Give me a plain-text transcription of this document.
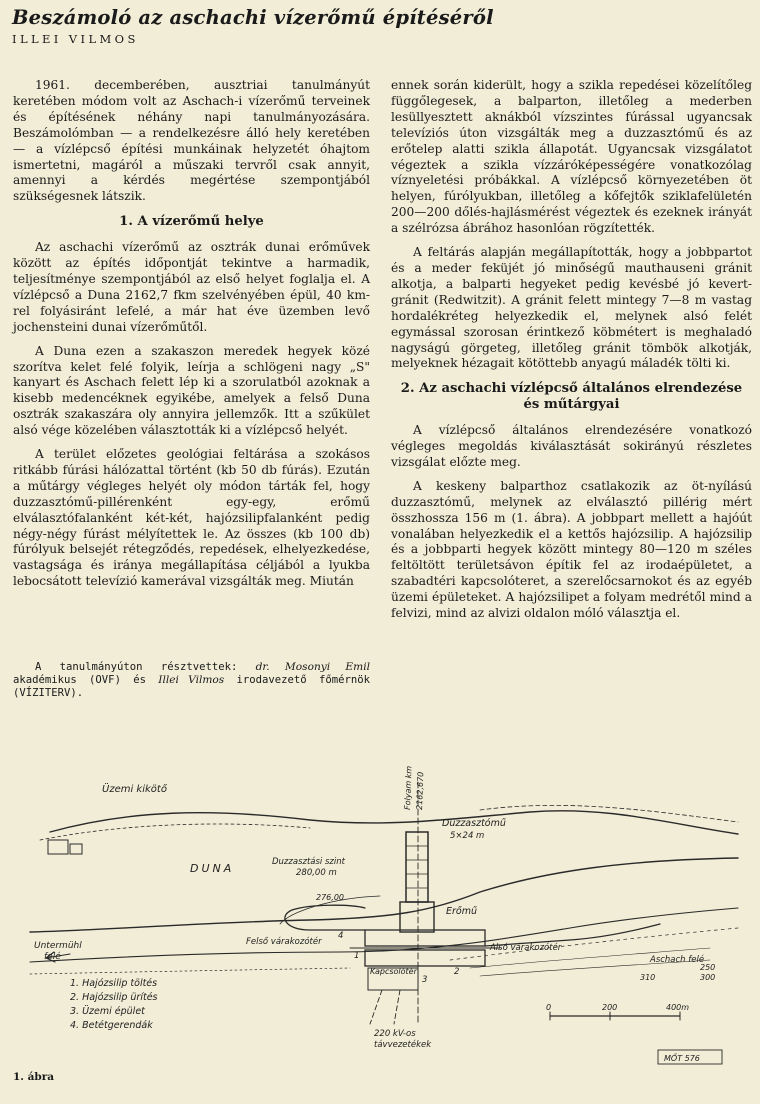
Beszámoló az aschachi vízerőmű építéséről
ILLEI VILMOS

1961. decemberében, ausztriai tanulmányút keretében módom volt az Aschach-i vízerőmű terveinek és építésének néhány napi tanulmányozására. Beszámolómban — a rendelkezésre álló hely keretében — a vízlépcső építési munkáinak helyzetét óhajtom ismertetni, magáról a műszaki tervről csak annyit, amennyi a kérdés megértése szempontjából szükségesnek látszik.

1. A vízerőmű helye

Az aschachi vízerőmű az osztrák dunai erőművek között az építés időpontját tekintve a harmadik, teljesítménye szempontjából az első helyet foglalja el. A vízlépcső a Duna 2162,7 fkm szelvényében épül, 40 km-rel folyásiránt lefelé, a már hat éve üzemben levő jochensteini dunai vízerőműtől.

A Duna ezen a szakaszon meredek hegyek közé szorítva kelet felé folyik, leírja a schlögeni nagy „S" kanyart és Aschach felett lép ki a szorulatból azoknak a kisebb medencéknek egyikébe, amelyek a felső Duna osztrák szakaszára oly annyira jellemzők. Itt a szűkület alsó vége közelében választották ki a vízlépcső helyét.

A terület előzetes geológiai feltárása a szokásos ritkább fúrási hálózattal történt (kb 50 db fúrás). Ezután a műtárgy végleges helyét oly módon tárták fel, hogy duzzasztómű-pillérenként egy-egy, erőmű elválasztófalanként két-két, hajózsilipfalanként pedig négy-négy fúrást mélyítettek le. Az összes (kb 100 db) fúrólyuk belsejét rétegződés, repedések, elhelyezkedése, vastagsága és iránya megállapítása céljából a lyukba lebocsátott televízió kamerával vizsgálták meg. Miután

A tanulmányúton résztvettek: dr. Mosonyi Emil akadémikus (OVF) és Illei Vilmos irodavezető főmérnök (VÍZITERV).

ennek során kiderült, hogy a szikla repedései közelítőleg függőlegesek, a balparton, illetőleg a mederben lesüllyesztett aknákból vízszintes fúrással ugyancsak televíziós úton vizsgálták meg a duzzasztómű és az erőtelep alatti szikla állapotát. Ugyancsak vizsgálatot végeztek a szikla vízzáróképességére vonatkozólag víznyeletési próbákkal. A vízlépcső környezetében öt helyen, fúrólyukban, illetőleg a kőfejtők sziklafelületén 200—200 dőlés-hajlásmérést végeztek és ezeknek irányát a szélrózsa ábrához hasonlóan rögzítették.

A feltárás alapján megállapították, hogy a jobbpartot és a meder feküjét jó minőségű mauthauseni gránit alkotja, a balparti hegyeket pedig kevésbé jó kevert-gránit (Redwitzit). A gránit felett mintegy 7—8 m vastag hordalékréteg helyezkedik el, melynek alsó felét egymással szorosan érintkező köbmétert is meghaladó nagyságú görgeteg, illetőleg gránit tömbök alkotják, melyeknek hézagait kötöttebb anyagú máladék tölti ki.

2. Az aschachi vízlépcső általános elrendezése és műtárgyai

A vízlépcső általános elrendezésére vonatkozó végleges megoldás kiválasztását sokirányú részletes vizsgálat előzte meg.

A keskeny balparthoz csatlakozik az öt-nyílású duzzasztómű, melynek az elválasztó pillérig mért összhossza 156 m (1. ábra). A jobbpart mellett a hajóút vonalában helyezkedik el a kettős hajózsilip. A hajózsilip és a jobbparti hegyek között mintegy 80—120 m széles feltöltött területsávon építik fel az irodaépületet, a szabadtéri kapcsolóteret, a szerelőcsarnokot és az egyéb üzemi épületeket. A hajózsilipet a folyam medrétől mind a felvizi, mind az alvizi oldalon móló választja el.

Üzemi kikötő	Folyam km 2162,670
Duzzasztómű
5×24 m
DUNA	Duzzasztási szint
280,00 m
276,00
Erőmű
Felső várakozótér
Alsó várakozótér
Kapcsolótér
Untermühl
felé	Aschach felé
250
300
310
1
2
3
4
220 kV-os
távvezetékek
0	200	400m
MŐT 576
1. Hajózsilip töltés
2. Hajózsilip ürítés
3. Üzemi épület
4. Betétgerendák
1. ábra
